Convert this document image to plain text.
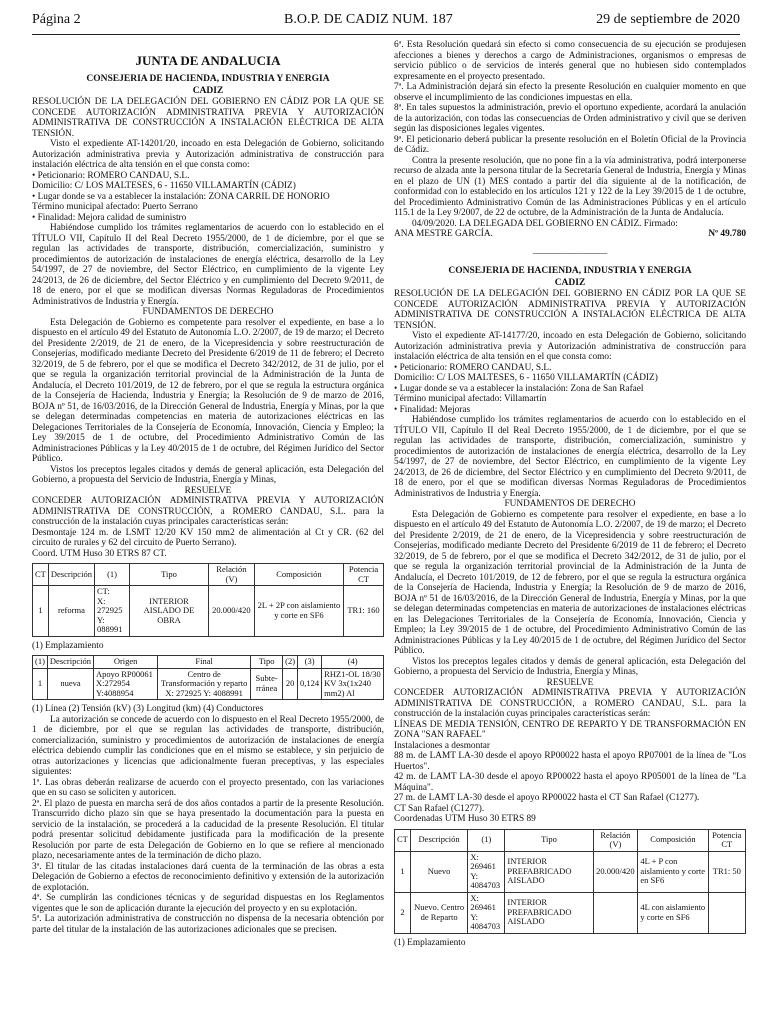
Página 2	B.O.P. DE CADIZ NUM. 187	29 de septiembre de 2020

JUNTA DE ANDALUCIA

CONSEJERIA DE HACIENDA, INDUSTRIA Y ENERGIA

CADIZ

RESOLUCIÓN DE LA DELEGACIÓN DEL GOBIERNO EN CÁDIZ POR LA QUE SE CONCEDE AUTORIZACIÓN ADMINISTRATIVA PREVIA Y AUTORIZACIÓN ADMINISTRATIVA DE CONSTRUCCIÓN A INSTALACIÓN ELÉCTRICA DE ALTA TENSIÓN.

Visto el expediente AT-14201/20, incoado en esta Delegación de Gobierno, solicitando Autorización administrativa previa y Autorización administrativa de construcción para instalación eléctrica de alta tensión en el que consta como:

• Peticionario: ROMERO CANDAU, S.L.

Domicilio: C/ LOS MALTESES, 6 - 11650 VILLAMARTÍN (CÁDIZ)

• Lugar donde se va a establecer la instalación: ZONA CARRIL DE HONORIO

Término municipal afectado: Puerto Serrano

• Finalidad: Mejora calidad de suministro

Habiéndose cumplido los trámites reglamentarios de acuerdo con lo establecido en el TÍTULO VII, Capítulo II del Real Decreto 1955/2000, de 1 de diciembre, por el que se regulan las actividades de transporte, distribución, comercialización, suministro y procedimientos de autorización de instalaciones de energía eléctrica, desarrollo de la Ley 54/1997, de 27 de noviembre, del Sector Eléctrico, en cumplimiento de la vigente Ley 24/2013, de 26 de diciembre, del Sector Eléctrico y en cumplimiento del Decreto 9/2011, de 18 de enero, por el que se modifican diversas Normas Reguladoras de Procedimientos Administrativos de Industria y Energía.

FUNDAMENTOS DE DERECHO

Esta Delegación de Gobierno es competente para resolver el expediente, en base a lo dispuesto en el artículo 49 del Estatuto de Autonomía L.O. 2/2007, de 19 de marzo; el Decreto del Presidente 2/2019, de 21 de enero, de la Vicepresidencia y sobre reestructuración de Consejerías, modificado mediante Decreto del Presidente 6/2019 de 11 de febrero; el Decreto 32/2019, de 5 de febrero, por el que se modifica el Decreto 342/2012, de 31 de julio, por el que se regula la organización territorial provincial de la Administración de la Junta de Andalucía, el Decreto 101/2019, de 12 de febrero, por el que se regula la estructura orgánica de la Consejería de Hacienda, Industria y Energía; la Resolución de 9 de marzo de 2016, BOJA nº 51, de 16/03/2016, de la Dirección General de Industria, Energía y Minas, por la que se delegan determinadas competencias en materia de autorizaciones eléctricas en las Delegaciones Territoriales de la Consejería de Economía, Innovación, Ciencia y Empleo; la Ley 39/2015 de 1 de octubre, del Procedimiento Administrativo Común de las Administraciones Públicas y la Ley 40/2015 de 1 de octubre, del Régimen Jurídico del Sector Público.

Vistos los preceptos legales citados y demás de general aplicación, esta Delegación del Gobierno, a propuesta del Servicio de Industria, Energía y Minas,

RESUELVE

CONCEDER AUTORIZACIÓN ADMINISTRATIVA PREVIA Y AUTORIZACIÓN ADMINISTRATIVA DE CONSTRUCCIÓN, a ROMERO CANDAU, S.L. para la construcción de la instalación cuyas principales características serán:

Desmontaje 124 m. de LSMT 12/20 KV 150 mm2 de alimentación al Ct y CR. (62 del circuito de rurales y 62 del circuito de Puerto Serrano).

Coord. UTM Huso 30 ETRS 87 CT.

CT	Descripción	(1)	Tipo	Relación (V)	Composición	Potencia CT
1	reforma	CT:
X: 272925
Y: 088991	INTERIOR AISLADO DE OBRA	20.000/420	2L + 2P con aislamiento y corte en SF6	TR1: 160

(1) Emplazamiento

(1)	Descripción	Origen	Final	Tipo	(2)	(3)	(4)
1	nueva	Apoyo RP00061 X:272954 Y:4088954	Centro de Transformación y reparto X: 272925 Y: 4088991	Subte-rránea	20	0,124	RHZ1-OL 18/30 KV 3x(1x240 mm2) Al

(1) Línea (2) Tensión (kV) (3) Longitud (km) (4) Conductores

La autorización se concede de acuerdo con lo dispuesto en el Real Decreto 1955/2000, de 1 de diciembre, por el que se regulan las actividades de transporte, distribución, comercialización, suministro y procedimientos de autorización de instalaciones de energía eléctrica debiendo cumplir las condiciones que en el mismo se establece, y sin perjuicio de otras autorizaciones y licencias que adicionalmente fueran preceptivas, y las especiales siguientes:

1ª. Las obras deberán realizarse de acuerdo con el proyecto presentado, con las variaciones que en su caso se soliciten y autoricen.

2ª. El plazo de puesta en marcha será de dos años contados a partir de la presente Resolución. Transcurrido dicho plazo sin que se haya presentado la documentación para la puesta en servicio de la instalación, se procederá a la caducidad de la presente Resolución. El titular podrá presentar solicitud debidamente justificada para la modificación de la presente Resolución por parte de esta Delegación de Gobierno en lo que se refiere al mencionado plazo, necesariamente antes de la terminación de dicho plazo.

3ª. El titular de las citadas instalaciones dará cuenta de la terminación de las obras a esta Delegación de Gobierno a efectos de reconocimiento definitivo y extensión de la autorización de explotación.

4ª. Se cumplirán las condiciones técnicas y de seguridad dispuestas en los Reglamentos vigentes que le son de aplicación durante la ejecución del proyecto y en su explotación.

5ª. La autorización administrativa de construcción no dispensa de la necesaria obtención por parte del titular de la instalación de las autorizaciones adicionales que se precisen.

6ª. Esta Resolución quedará sin efecto si como consecuencia de su ejecución se produjesen afecciones a bienes y derechos a cargo de Administraciones, organismos o empresas de servicio público o de servicios de interés general que no hubiesen sido contemplados expresamente en el proyecto presentado.

7ª. La Administración dejará sin efecto la presente Resolución en cualquier momento en que observe el incumplimiento de las condiciones impuestas en ella.

8ª. En tales supuestos la administración, previo el oportuno expediente, acordará la anulación de la autorización, con todas las consecuencias de Orden administrativo y civil que se deriven según las disposiciones legales vigentes.

9ª. El peticionario deberá publicar la presente resolución en el Boletín Oficial de la Provincia de Cádiz.

Contra la presente resolución, que no pone fin a la vía administrativa, podrá interponerse recurso de alzada ante la persona titular de la Secretaría General de Industria, Energía y Minas en el plazo de UN (1) MES contado a partir del día siguiente al de la notificación, de conformidad con lo establecido en los artículos 121 y 122 de la Ley 39/2015 de 1 de octubre, del Procedimiento Administrativo Común de las Administraciones Públicas y en el artículo 115.1 de la Ley 9/2007, de 22 de octubre, de la Administración de la Junta de Andalucía.

04/09/2020. LA DELEGADA DEL GOBIERNO EN CÁDIZ. Firmado:

ANA MESTRE GARCÍA.	Nº 49.780

________________

CONSEJERIA DE HACIENDA, INDUSTRIA Y ENERGIA

CADIZ

RESOLUCIÓN DE LA DELEGACIÓN DEL GOBIERNO EN CÁDIZ POR LA QUE SE CONCEDE AUTORIZACIÓN ADMINISTRATIVA PREVIA Y AUTORIZACIÓN ADMINISTRATIVA DE CONSTRUCCIÓN A INSTALACIÓN ELÉCTRICA DE ALTA TENSIÓN.

Visto el expediente AT-14177/20, incoado en esta Delegación de Gobierno, solicitando Autorización administrativa previa y Autorización administrativa de construcción para instalación eléctrica de alta tensión en el que consta como:

• Peticionario: ROMERO CANDAU, S.L.

Domicilio: C/ LOS MALTESES, 6 - 11650 VILLAMARTÍN (CÁDIZ)

• Lugar donde se va a establecer la instalación: Zona de San Rafael

Término municipal afectado: Villamartín

• Finalidad: Mejoras

Habiéndose cumplido los trámites reglamentarios de acuerdo con lo establecido en el TÍTULO VII, Capítulo II del Real Decreto 1955/2000, de 1 de diciembre, por el que se regulan las actividades de transporte, distribución, comercialización, suministro y procedimientos de autorización de instalaciones de energía eléctrica, desarrollo de la Ley 54/1997, de 27 de noviembre, del Sector Eléctrico, en cumplimiento de la vigente Ley 24/2013, de 26 de diciembre, del Sector Eléctrico y en cumplimiento del Decreto 9/2011, de 18 de enero, por el que se modifican diversas Normas Reguladoras de Procedimientos Administrativos de Industria y Energía.

FUNDAMENTOS DE DERECHO

Esta Delegación de Gobierno es competente para resolver el expediente, en base a lo dispuesto en el artículo 49 del Estatuto de Autonomía L.O. 2/2007, de 19 de marzo; el Decreto del Presidente 2/2019, de 21 de enero, de la Vicepresidencia y sobre reestructuración de Consejerías, modificado mediante Decreto del Presidente 6/2019 de 11 de febrero; el Decreto 32/2019, de 5 de febrero, por el que se modifica el Decreto 342/2012, de 31 de julio, por el que se regula la organización territorial provincial de la Administración de la Junta de Andalucía, el Decreto 101/2019, de 12 de febrero, por el que se regula la estructura orgánica de la Consejería de Hacienda, Industria y Energía; la Resolución de 9 de marzo de 2016, BOJA nº 51 de 16/03/2016, de la Dirección General de Industria, Energía y Minas, por la que se delegan determinadas competencias en materia de autorizaciones de instalaciones eléctricas en las Delegaciones Territoriales de la Consejería de Economía, Innovación, Ciencia y Empleo; la Ley 39/2015 de 1 de octubre, del Procedimiento Administrativo Común de las Administraciones Públicas y la Ley 40/2015 de 1 de octubre, del Régimen Jurídico del Sector Público.

Vistos los preceptos legales citados y demás de general aplicación, esta Delegación del Gobierno, a propuesta del Servicio de Industria, Energía y Minas,

RESUELVE

CONCEDER AUTORIZACIÓN ADMINISTRATIVA PREVIA Y AUTORIZACIÓN ADMINISTRATIVA DE CONSTRUCCIÓN, a ROMERO CANDAU, S.L. para la construcción de la instalación cuyas principales características serán:

LÍNEAS DE MEDIA TENSIÓN, CENTRO DE REPARTO Y DE TRANSFORMACIÓN EN ZONA "SAN RAFAEL"

Instalaciones a desmontar

88 m. de LAMT LA-30 desde el apoyo RP00022 hasta el apoyo RP07001 de la línea de "Los Huertos".

42 m. de LAMT LA-30 desde el apoyo RP00022 hasta el apoyo RP05001 de la línea de "La Máquina".

27 m. de LAMT LA-30 desde el apoyo RP00022 hasta el CT San Rafael (C1277).

CT San Rafael (C1277).

Coordenadas UTM Huso 30 ETRS 89

CT	Descripción	(1)	Tipo	Relación (V)	Composición	Potencia CT
1	Nuevo	X: 269461
Y: 4084703	INTERIOR PREFABRICADO AISLADO	20.000/420	4L + P con aislamiento y corte en SF6	TR1: 50
2	Nuevo. Centro de Reparto	X: 269461
Y: 4084703	INTERIOR PREFABRICADO AISLADO		4L con aislamiento y corte en SF6	

(1) Emplazamiento
